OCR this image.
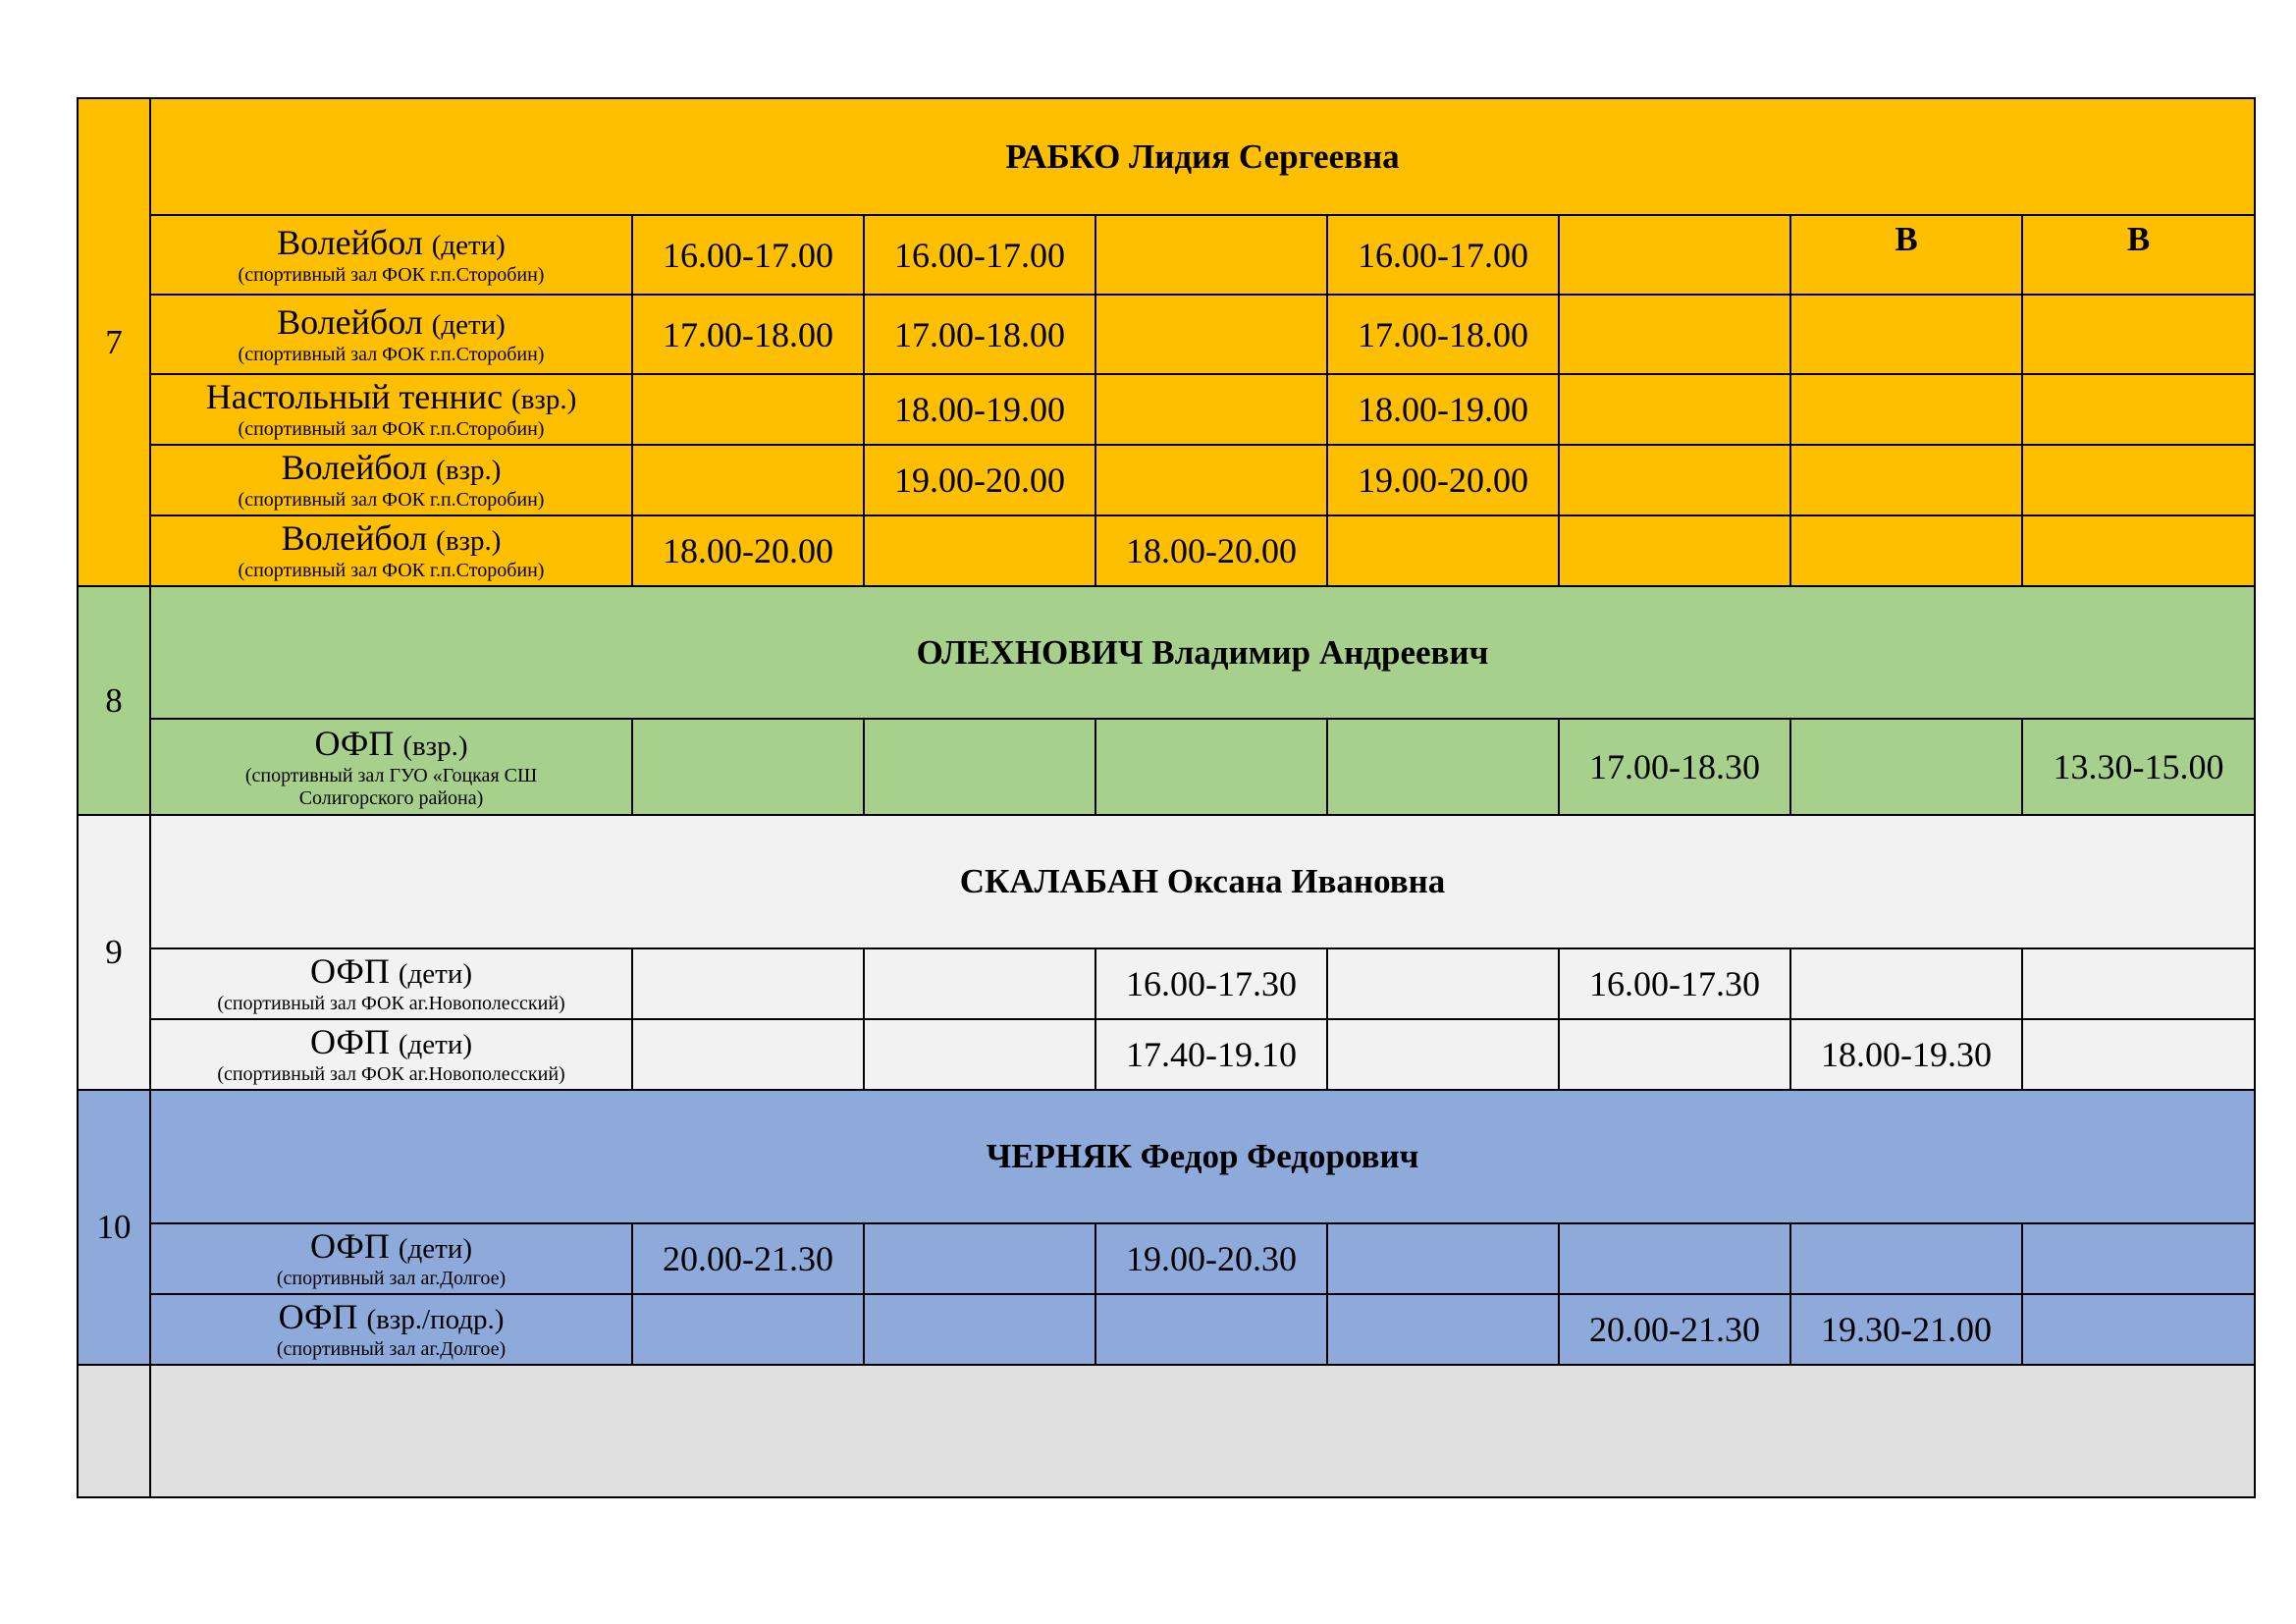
7	РАБКО Лидия Сергеевна							

	Волейбол (дети)
(спортивный зал ФОК г.п.Сторобин)	16.00-17.00	16.00-17.00		16.00-17.00		В	В

	Волейбол (дети)
(спортивный зал ФОК г.п.Сторобин)	17.00-18.00	17.00-18.00		17.00-18.00			

	Настольный теннис (взр.)
(спортивный зал ФОК г.п.Сторобин)		18.00-19.00		18.00-19.00			

	Волейбол (взр.)
(спортивный зал ФОК г.п.Сторобин)		19.00-20.00		19.00-20.00			

	Волейбол (взр.)
(спортивный зал ФОК г.п.Сторобин)	18.00-20.00		18.00-20.00				
8	ОЛЕХНОВИЧ Владимир Андреевич							

	ОФП (взр.)
(спортивный зал ГУО «Гоцкая СШ Солигорского района)					17.00-18.30		13.30-15.00
9	СКАЛАБАН Оксана Ивановна							

	ОФП (дети)
(спортивный зал ФОК аг.Новополесский)			16.00-17.30		16.00-17.30		

	ОФП (дети)
(спортивный зал ФОК аг.Новополесский)			17.40-19.10			18.00-19.30	
10	ЧЕРНЯК Федор Федорович							

	ОФП (дети)
(спортивный зал аг.Долгое)	20.00-21.30		19.00-20.30				

	ОФП (взр./подр.)
(спортивный зал аг.Долгое)					20.00-21.30	19.30-21.00	
